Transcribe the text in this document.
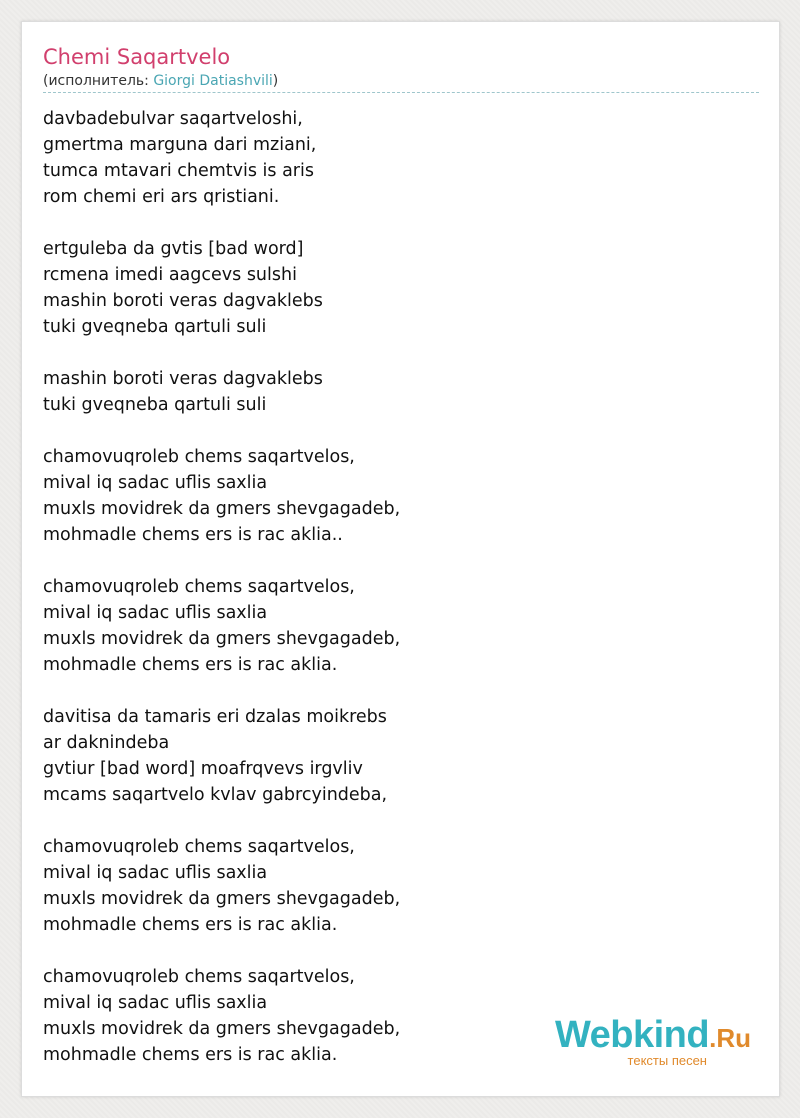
Chemi Saqartvelo
(исполнитель: Giorgi Datiashvili)
davbadebulvar saqartveloshi,
gmertma marguna dari mziani,
tumca mtavari chemtvis is aris
rom chemi eri ars qristiani.
ertguleba da gvtis [bad word]
rcmena imedi aagcevs sulshi
mashin boroti veras dagvaklebs
tuki gveqneba qartuli suli
mashin boroti veras dagvaklebs
tuki gveqneba qartuli suli
chamovuqroleb chems saqartvelos,
mival iq sadac uflis saxlia
muxls movidrek da gmers shevgagadeb,
mohmadle chems ers is rac aklia..
chamovuqroleb chems saqartvelos,
mival iq sadac uflis saxlia
muxls movidrek da gmers shevgagadeb,
mohmadle chems ers is rac aklia.
davitisa da tamaris eri dzalas moikrebs
ar daknindeba
gvtiur [bad word] moafrqvevs irgvliv
mcams saqartvelo kvlav gabrcyindeba,
chamovuqroleb chems saqartvelos,
mival iq sadac uflis saxlia
muxls movidrek da gmers shevgagadeb,
mohmadle chems ers is rac aklia.
chamovuqroleb chems saqartvelos,
mival iq sadac uflis saxlia
muxls movidrek da gmers shevgagadeb,
mohmadle chems ers is rac aklia.	Webkind.Ru
тексты песен
